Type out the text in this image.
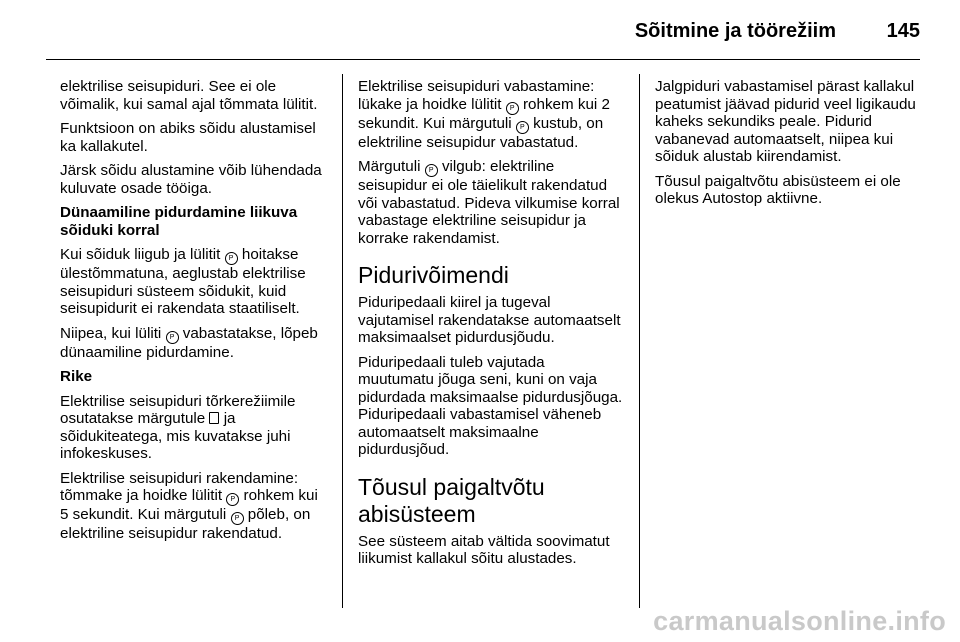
Sõitmine ja töörežiim	145

elektrilise seisupiduri. See ei ole võimalik, kui samal ajal tõmmata lülitit.

Funktsioon on abiks sõidu alustamisel ka kallakutel.

Järsk sõidu alustamine võib lühendada kuluvate osade tööiga.

Dünaamiline pidurdamine liikuva sõiduki korral

Kui sõiduk liigub ja lülitit P hoitakse ülestõmmatuna, aeglustab elektrilise seisupiduri süsteem sõidukit, kuid seisupidurit ei rakendata staatiliselt.

Niipea, kui lüliti P vabastatakse, lõpeb dünaamiline pidurdamine.

Rike

Elektrilise seisupiduri tõrkerežiimile osutatakse märgutule ja sõidukiteatega, mis kuvatakse juhi infokeskuses.

Elektrilise seisupiduri rakendamine: tõmmake ja hoidke lülitit P rohkem kui 5 sekundit. Kui märgutuli P põleb, on elektriline seisupidur rakendatud.

Elektrilise seisupiduri vabastamine: lükake ja hoidke lülitit P rohkem kui 2 sekundit. Kui märgutuli P kustub, on elektriline seisupidur vabastatud.

Märgutuli P vilgub: elektriline seisupidur ei ole täielikult rakendatud või vabastatud. Pideva vilkumise korral vabastage elektriline seisupidur ja korrake rakendamist.

Pidurivõimendi

Piduripedaali kiirel ja tugeval vajutamisel rakendatakse automaatselt maksimaalset pidurdusjõudu.

Piduripedaali tuleb vajutada muutumatu jõuga seni, kuni on vaja pidurdada maksimaalse pidurdusjõuga. Piduripedaali vabastamisel väheneb automaatselt maksimaalne pidurdusjõud.

Tõusul paigaltvõtu abisüsteem

See süsteem aitab vältida soovimatut liikumist kallakul sõitu alustades.

Jalgpiduri vabastamisel pärast kallakul peatumist jäävad pidurid veel ligikaudu kaheks sekundiks peale. Pidurid vabanevad automaatselt, niipea kui sõiduk alustab kiirendamist.

Tõusul paigaltvõtu abisüsteem ei ole olekus Autostop aktiivne.

carmanualsonline.info
